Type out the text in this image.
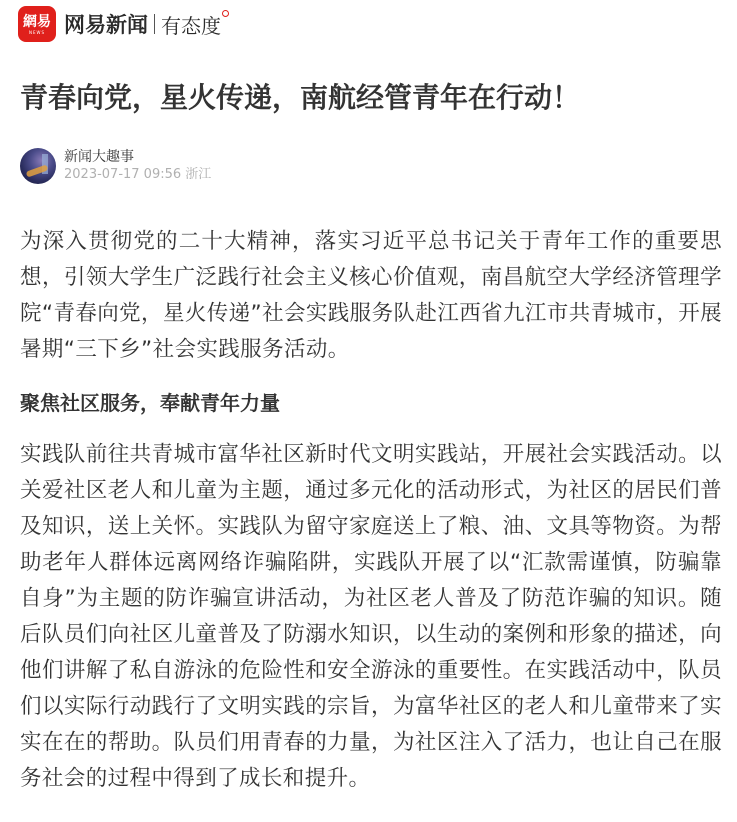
網易
NEWS 网易新闻 有态度
青春向党，星火传递，南航经管青年在行动！
新闻大趣事
2023-07-17 09:56 浙江

为深入贯彻党的二十大精神，落实习近平总书记关于青年工作的重要思想，引领大学生广泛践行社会主义核心价值观，南昌航空大学经济管理学院“青春向党，星火传递”社会实践服务队赴江西省九江市共青城市，开展暑期“三下乡”社会实践服务活动。

聚焦社区服务，奉献青年力量

实践队前往共青城市富华社区新时代文明实践站，开展社会实践活动。以关爱社区老人和儿童为主题，通过多元化的活动形式，为社区的居民们普及知识，送上关怀。实践队为留守家庭送上了粮、油、文具等物资。为帮助老年人群体远离网络诈骗陷阱，实践队开展了以“汇款需谨慎，防骗靠自身”为主题的防诈骗宣讲活动，为社区老人普及了防范诈骗的知识。随后队员们向社区儿童普及了防溺水知识，以生动的案例和形象的描述，向他们讲解了私自游泳的危险性和安全游泳的重要性。在实践活动中，队员们以实际行动践行了文明实践的宗旨，为富华社区的老人和儿童带来了实实在在的帮助。队员们用青春的力量，为社区注入了活力，也让自己在服务社会的过程中得到了成长和提升。
